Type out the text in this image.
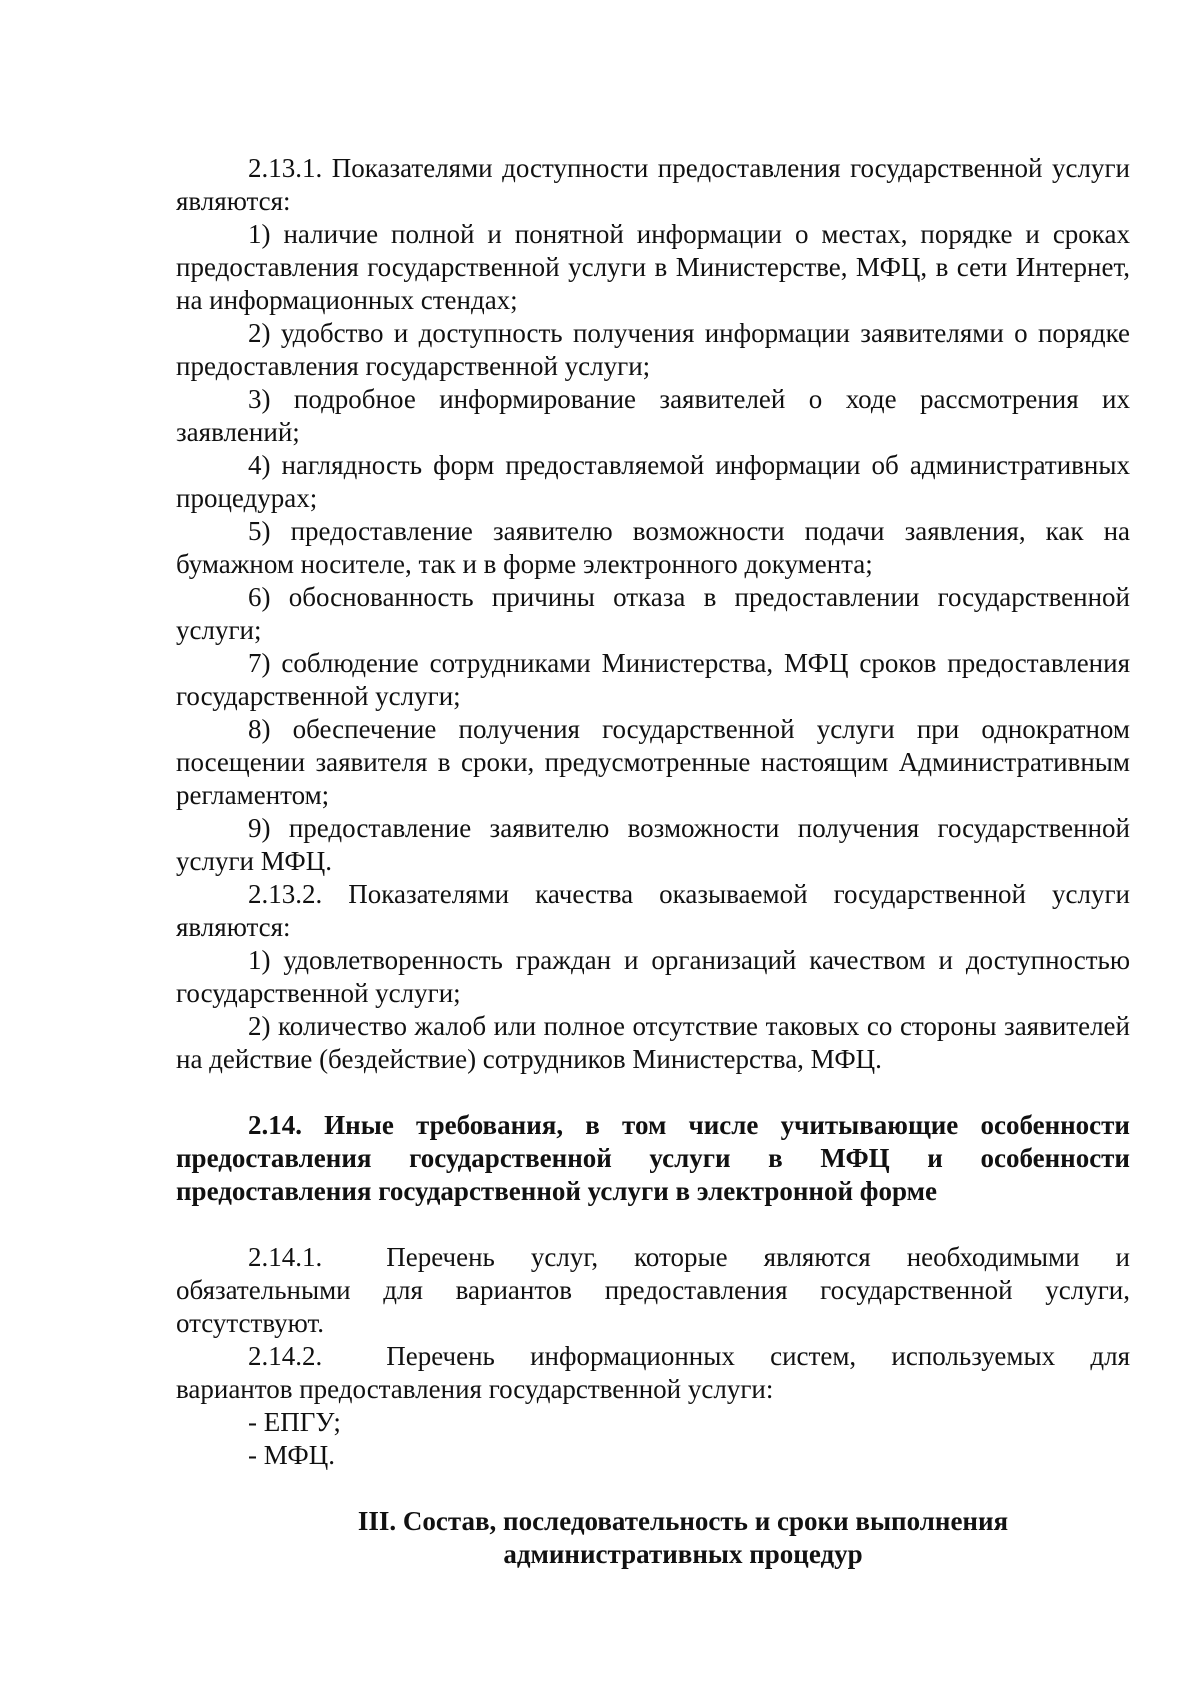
2.13.1. Показателями доступности предоставления государственной услуги являются:

1) наличие полной и понятной информации о местах, порядке и сроках предоставления государственной услуги в Министерстве, МФЦ, в сети Интернет, на информационных стендах;

2) удобство и доступность получения информации заявителями о порядке предоставления государственной услуги;

3) подробное информирование заявителей о ходе рассмотрения их заявлений;

4) наглядность форм предоставляемой информации об административных процедурах;

5) предоставление заявителю возможности подачи заявления, как на бумажном носителе, так и в форме электронного документа;

6) обоснованность причины отказа в предоставлении государственной услуги;

7) соблюдение сотрудниками Министерства, МФЦ сроков предоставления государственной услуги;

8) обеспечение получения государственной услуги при однократном посещении заявителя в сроки, предусмотренные настоящим Административным регламентом;

9) предоставление заявителю возможности получения государственной услуги МФЦ.

2.13.2. Показателями качества оказываемой государственной услуги являются:

1) удовлетворенность граждан и организаций качеством и доступностью государственной услуги;

2) количество жалоб или полное отсутствие таковых со стороны заявителей на действие (бездействие) сотрудников Министерства, МФЦ.

2.14. Иные требования, в том числе учитывающие особенности предоставления государственной услуги в МФЦ и особенности предоставления государственной услуги в электронной форме

2.14.1. Перечень услуг, которые являются необходимыми и обязательными для вариантов предоставления государственной услуги, отсутствуют.

2.14.2. Перечень информационных систем, используемых для вариантов предоставления государственной услуги:

- ЕПГУ;

- МФЦ.

III. Состав, последовательность и сроки выполнения

административных процедур
